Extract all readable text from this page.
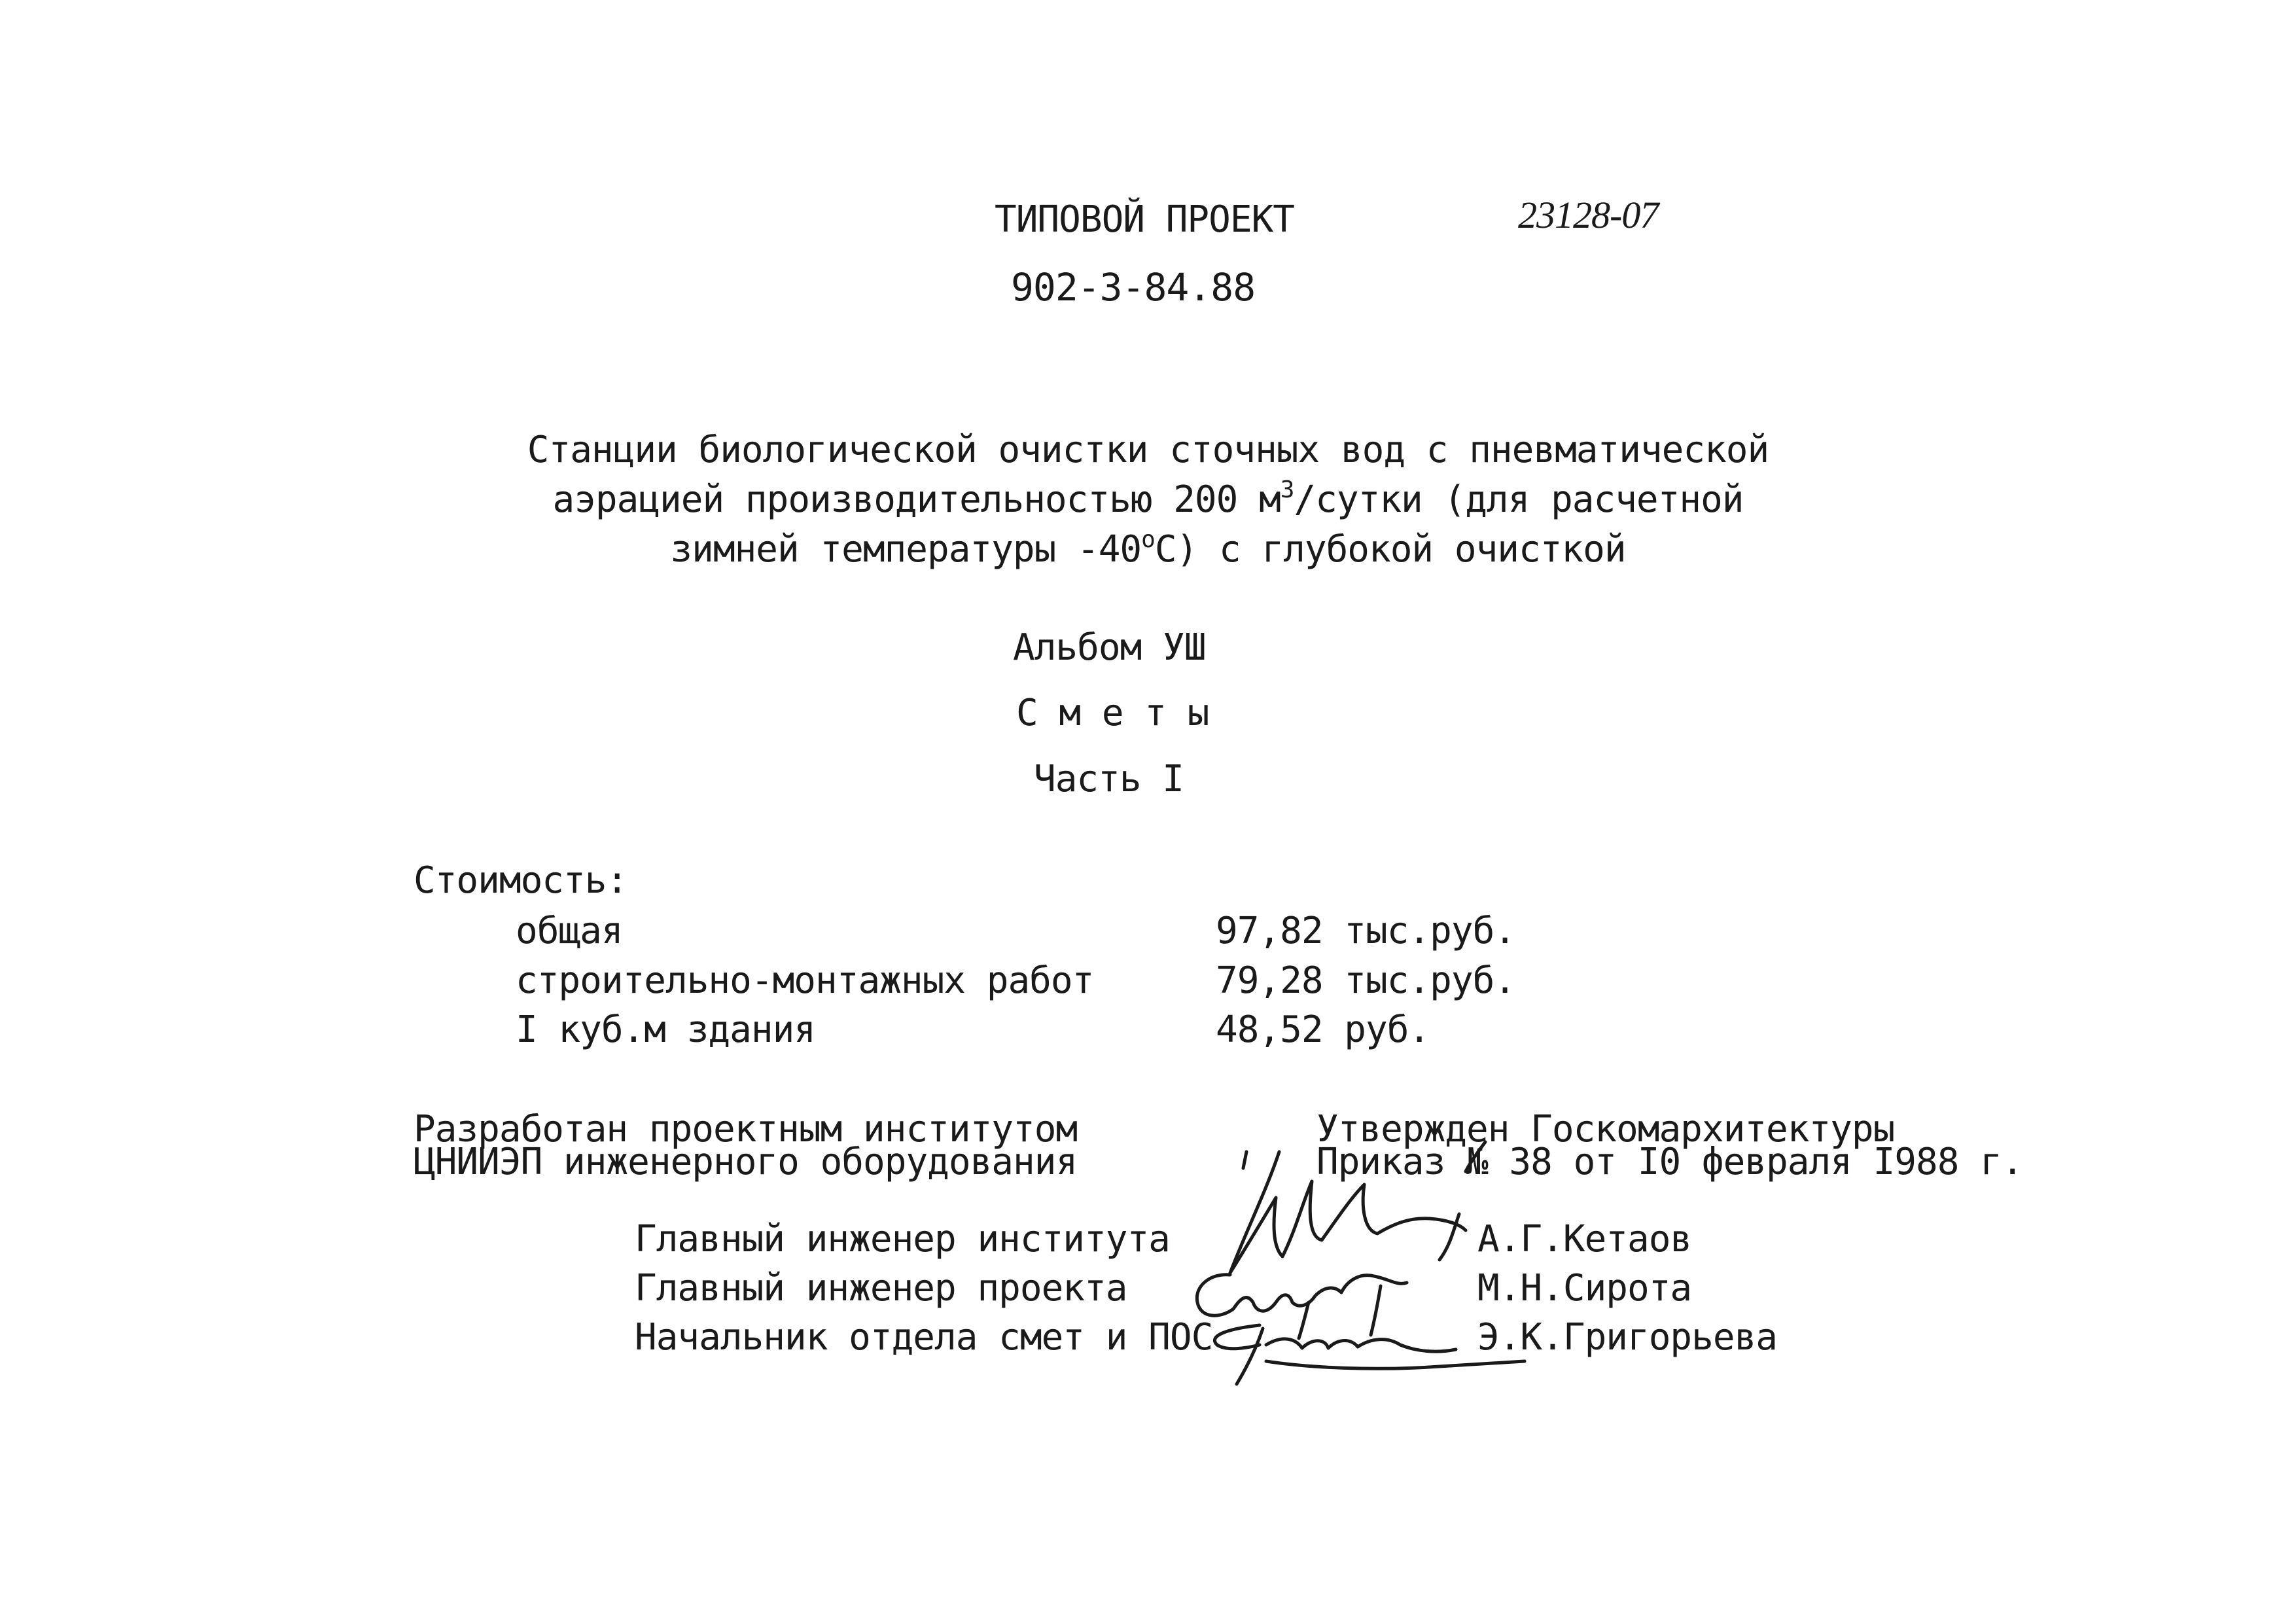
ТИПОВОЙ ПРОЕКТ	23128-07
902-3-84.88
Станции биологической очистки сточных вод с пневматической
аэрацией производительностью 200 $м^3$/сутки (для расчетной
зимней температуры $-40^оС$) с глубокой очисткой
Альбом УШ
С м е т ы
Часть I
Стоимость:
общая	97,82 тыс.руб.
строительно-монтажных работ	79,28 тыс.руб.
I куб.м здания	48,52 руб.
Разработан проектным институтом
ЦНИИЭП инженерного оборудования
Утвержден Госкомархитектуры
Приказ № 38 от I0 февраля I988 г.
Главный инженер института	А.Г.Кетаов
Главный инженер проекта	М.Н.Сирота
Начальник отдела смет и ПОС	Э.К.Григорьева
